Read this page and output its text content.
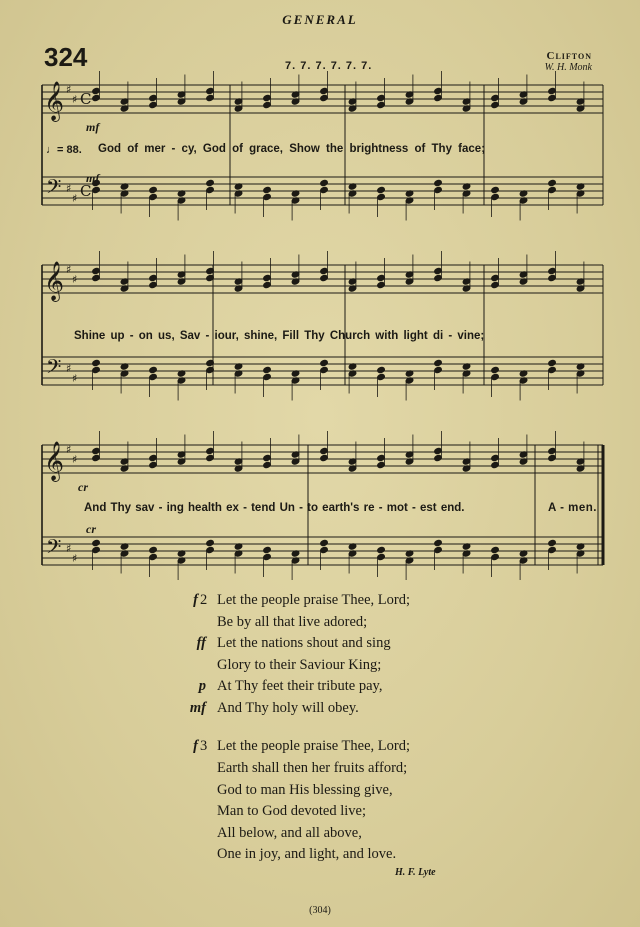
GENERAL
324	7. 7. 7. 7. 7. 7.
Clifton
W. H. Monk
𝄞
𝄢
♯
♯
♯
♯
C
C
𝄞
𝄢
♯
♯
♯
♯
𝄞
𝄢
♯
♯
♯
♯
mf
♩= 88.
mf
cr
cr
God of mer - cy, God of grace, Show the brightness of Thy face;
Shine up - on us, Sav - iour, shine, Fill Thy Church with light di - vine;
And Thy sav - ing health ex - tend Un - to earth's re - mot - est end.	A - men.
f 2 Let the people praise Thee, Lord;
Be by all that live adored;
ff Let the nations shout and sing
Glory to their Saviour King;
p At Thy feet their tribute pay,
mf And Thy holy will obey.
f 3 Let the people praise Thee, Lord;
Earth shall then her fruits afford;
God to man His blessing give,
Man to God devoted live;
All below, and all above,
One in joy, and light, and love.
H. F. Lyte
(304)
